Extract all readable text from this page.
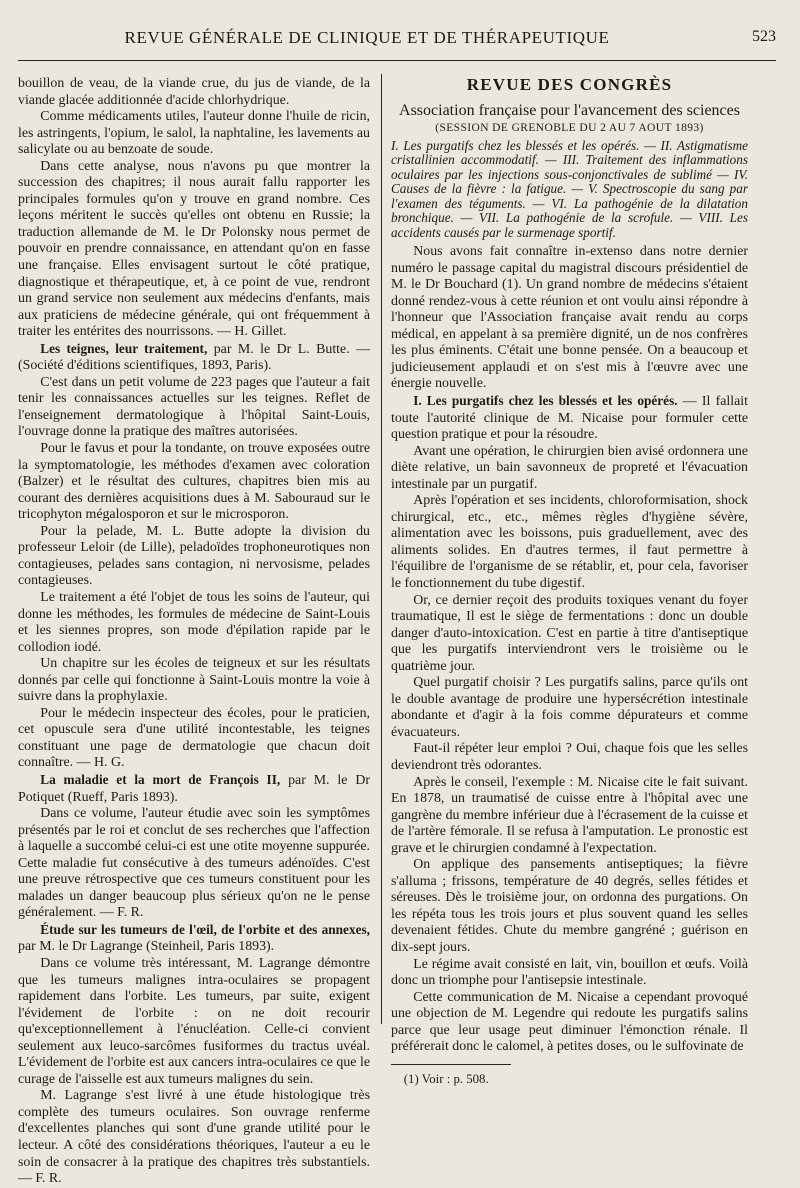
REVUE GÉNÉRALE DE CLINIQUE ET DE THÉRAPEUTIQUE	523

bouillon de veau, de la viande crue, du jus de viande, de la viande glacée additionnée d'acide chlorhydrique.

Comme médicaments utiles, l'auteur donne l'huile de ricin, les astringents, l'opium, le salol, la naphtaline, les lavements au salicylate ou au benzoate de soude.

Dans cette analyse, nous n'avons pu que montrer la succession des chapitres; il nous aurait fallu rapporter les principales formules qu'on y trouve en grand nombre. Ces leçons méritent le succès qu'elles ont obtenu en Russie; la traduction allemande de M. le Dr Polonsky nous permet de pouvoir en prendre connaissance, en attendant qu'on en fasse une française. Elles envisagent surtout le côté pratique, diagnostique et thérapeutique, et, à ce point de vue, rendront un grand service non seulement aux médecins d'enfants, mais aux praticiens de médecine générale, qui ont fréquemment à traiter les entérites des nourrissons. — H. Gillet.

Les teignes, leur traitement, par M. le Dr L. Butte. — (Société d'éditions scientifiques, 1893, Paris).

C'est dans un petit volume de 223 pages que l'auteur a fait tenir les connaissances actuelles sur les teignes. Reflet de l'enseignement dermatologique à l'hôpital Saint-Louis, l'ouvrage donne la pratique des maîtres autorisées.

Pour le favus et pour la tondante, on trouve exposées outre la symptomatologie, les méthodes d'examen avec coloration (Balzer) et le résultat des cultures, chapitres bien mis au courant des dernières acquisitions dues à M. Sabouraud sur le tricophyton mégalosporon et sur le microsporon.

Pour la pelade, M. L. Butte adopte la division du professeur Leloir (de Lille), peladoïdes trophoneurotiques non contagieuses, pelades sans contagion, ni nervosisme, pelades contagieuses.

Le traitement a été l'objet de tous les soins de l'auteur, qui donne les méthodes, les formules de médecine de Saint-Louis et les siennes propres, son mode d'épilation rapide par le collodion iodé.

Un chapitre sur les écoles de teigneux et sur les résultats donnés par celle qui fonctionne à Saint-Louis montre la voie à suivre dans la prophylaxie.

Pour le médecin inspecteur des écoles, pour le praticien, cet opuscule sera d'une utilité incontestable, les teignes constituant une page de dermatologie que chacun doit connaître. — H. G.

La maladie et la mort de François II, par M. le Dr Potiquet (Rueff, Paris 1893).

Dans ce volume, l'auteur étudie avec soin les symptômes présentés par le roi et conclut de ses recherches que l'affection à laquelle a succombé celui-ci est une otite moyenne suppurée. Cette maladie fut consécutive à des tumeurs adénoïdes. C'est une preuve rétrospective que ces tumeurs constituent pour les malades un danger beaucoup plus sérieux qu'on ne le pense généralement. — F. R.

Étude sur les tumeurs de l'œil, de l'orbite et des annexes, par M. le Dr Lagrange (Steinheil, Paris 1893).

Dans ce volume très intéressant, M. Lagrange démontre que les tumeurs malignes intra-oculaires se propagent rapidement dans l'orbite. Les tumeurs, par suite, exigent l'évidement de l'orbite : on ne doit recourir qu'exceptionnellement à l'énucléation. Celle-ci convient seulement aux leuco-sarcômes fusiformes du tractus uvéal. L'évidement de l'orbite est aux cancers intra-oculaires ce que le curage de l'aisselle est aux tumeurs malignes du sein.

M. Lagrange s'est livré à une étude histologique très complète des tumeurs oculaires. Son ouvrage renferme d'excellentes planches qui sont d'une grande utilité pour le lecteur. A côté des considérations théoriques, l'auteur a eu le soin de consacrer à la pratique des chapitres très substantiels. — F. R.

REVUE DES CONGRÈS
Association française pour l'avancement des sciences
(SESSION DE GRENOBLE DU 2 AU 7 AOUT 1893)

I. Les purgatifs chez les blessés et les opérés. — II. Astigmatisme cristallinien accommodatif. — III. Traitement des inflammations oculaires par les injections sous-conjonctivales de sublimé — IV. Causes de la fièvre : la fatigue. — V. Spectroscopie du sang par l'examen des téguments. — VI. La pathogénie de la dilatation bronchique. — VII. La pathogénie de la scrofule. — VIII. Les accidents causés par le surmenage sportif.

Nous avons fait connaître in-extenso dans notre dernier numéro le passage capital du magistral discours présidentiel de M. le Dr Bouchard (1). Un grand nombre de médecins s'étaient donné rendez-vous à cette réunion et ont voulu ainsi répondre à l'honneur que l'Association française avait rendu au corps médical, en appelant à sa première dignité, un de nos confrères les plus éminents. C'était une bonne pensée. On a beaucoup et judicieusement applaudi et on s'est mis à l'œuvre avec une énergie nouvelle.

I. Les purgatifs chez les blessés et les opérés. — Il fallait toute l'autorité clinique de M. Nicaise pour formuler cette question pratique et pour la résoudre.

Avant une opération, le chirurgien bien avisé ordonnera une diète relative, un bain savonneux de propreté et l'évacuation intestinale par un purgatif.

Après l'opération et ses incidents, chloroformisation, shock chirurgical, etc., etc., mêmes règles d'hygiène sévère, alimentation avec les boissons, puis graduellement, avec des aliments solides. En d'autres termes, il faut permettre à l'équilibre de l'organisme de se rétablir, et, pour cela, favoriser le fonctionnement du tube digestif.

Or, ce dernier reçoit des produits toxiques venant du foyer traumatique, Il est le siège de fermentations : donc un double danger d'auto-intoxication. C'est en partie à titre d'antiseptique que les purgatifs interviendront vers le troisième ou le quatrième jour.

Quel purgatif choisir ? Les purgatifs salins, parce qu'ils ont le double avantage de produire une hypersécrétion intestinale abondante et d'agir à la fois comme dépurateurs et comme évacuateurs.

Faut-il répéter leur emploi ? Oui, chaque fois que les selles deviendront très odorantes.

Après le conseil, l'exemple : M. Nicaise cite le fait suivant. En 1878, un traumatisé de cuisse entre à l'hôpital avec une gangrène du membre inférieur due à l'écrasement de la cuisse et de l'artère fémorale. Il se refusa à l'amputation. Le pronostic est grave et le chirurgien condamné à l'expectation.

On applique des pansements antiseptiques; la fièvre s'alluma ; frissons, température de 40 degrés, selles fétides et séreuses. Dès le troisième jour, on ordonna des purgations. On les répéta tous les trois jours et plus souvent quand les selles devenaient fétides. Chute du membre gangréné ; guérison en dix-sept jours.

Le régime avait consisté en lait, vin, bouillon et œufs. Voilà donc un triomphe pour l'antisepsie intestinale.

Cette communication de M. Nicaise a cependant provoqué une objection de M. Legendre qui redoute les purgatifs salins parce que leur usage peut diminuer l'émonction rénale. Il préférerait donc le calomel, à petites doses, ou le sulfovinate de

(1) Voir : p. 508.
